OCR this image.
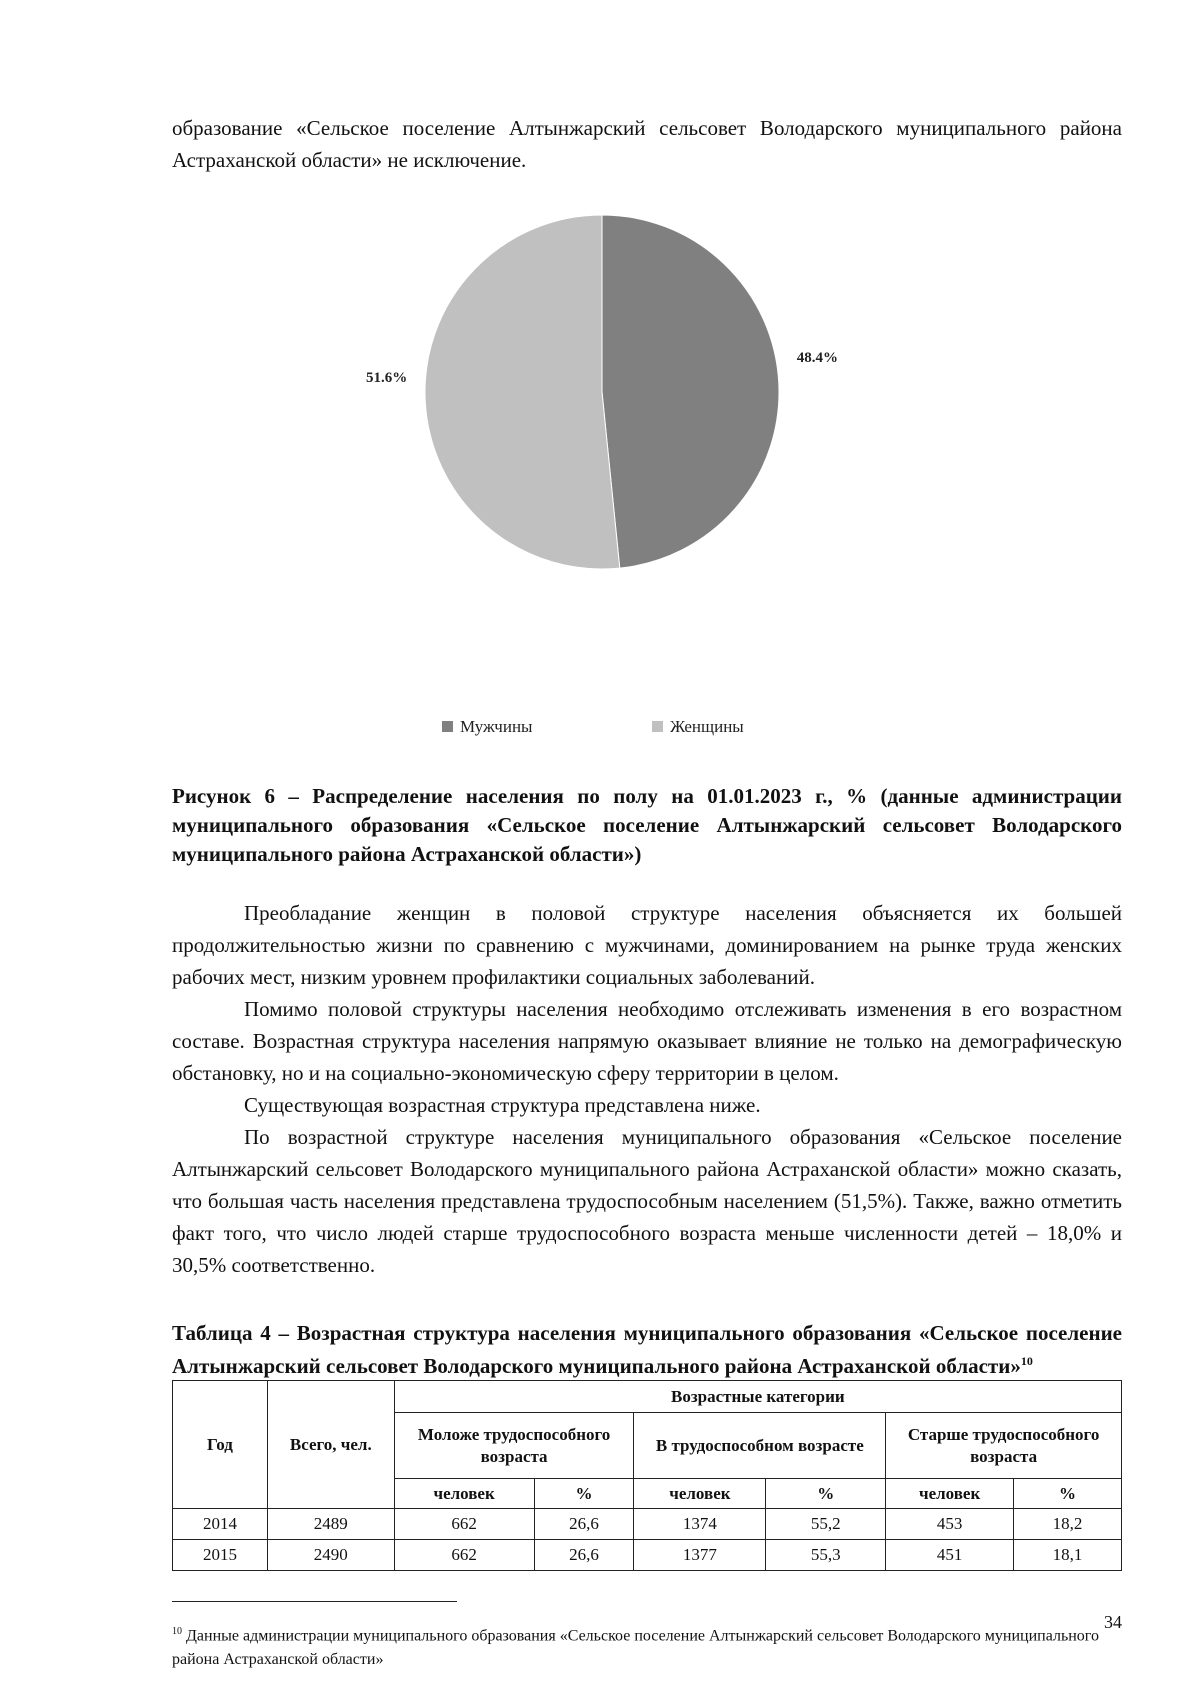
образование «Сельское поселение Алтынжарский сельсовет Володарского муниципального района Астраханской области» не исключение.

48.4%
51.6%
Мужчины	Женщины

Рисунок 6 – Распределение населения по полу на 01.01.2023 г., % (данные администрации муниципального образования «Сельское поселение Алтынжарский сельсовет Володарского муниципального района Астраханской области»)

Преобладание женщин в половой структуре населения объясняется их большей продолжительностью жизни по сравнению с мужчинами, доминированием на рынке труда женских рабочих мест, низким уровнем профилактики социальных заболеваний.

Помимо половой структуры населения необходимо отслеживать изменения в его возрастном составе. Возрастная структура населения напрямую оказывает влияние не только на демографическую обстановку, но и на социально-экономическую сферу территории в целом.

Существующая возрастная структура представлена ниже.

По возрастной структуре населения муниципального образования «Сельское поселение Алтынжарский сельсовет Володарского муниципального района Астраханской области» можно сказать, что большая часть населения представлена трудоспособным населением (51,5%). Также, важно отметить факт того, что число людей старше трудоспособного возраста меньше численности детей – 18,0% и 30,5% соответственно.

Таблица 4 – Возрастная структура населения муниципального образования «Сельское поселение Алтынжарский сельсовет Володарского муниципального района Астраханской области»$^{10}$

Год	Всего, чел.	Возрастные категории					
		Моложе трудоспособного возраста		В трудоспособном возрасте		Старше трудоспособного возраста	
		человек	%	человек	%	человек	%
2014	2489	662	26,6	1374	55,2	453	18,2
2015	2490	662	26,6	1377	55,3	451	18,1
$^{10}$ Данные администрации муниципального образования «Сельское поселение Алтынжарский сельсовет Володарского муниципального района Астраханской области»
34
